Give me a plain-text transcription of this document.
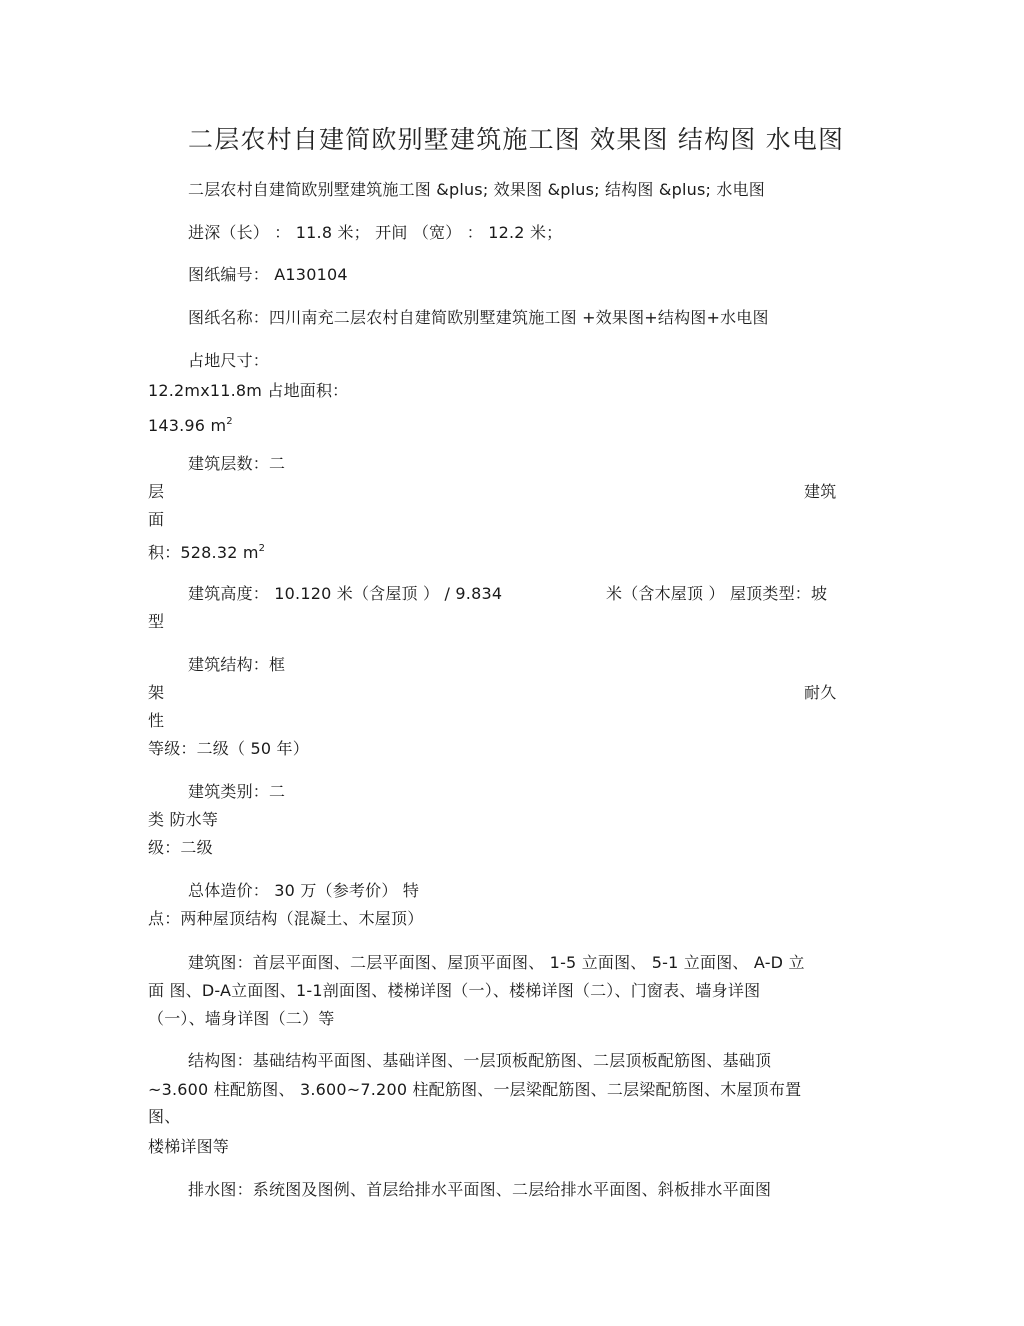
二层农村自建简欧别墅建筑施工图 效果图 结构图 水电图
二层农村自建简欧别墅建筑施工图 &plus; 效果图 &plus; 结构图 &plus; 水电图
进深（长） ： 11.8 米； 开间 （宽） ： 12.2 米；
图纸编号： A130104
图纸名称：四川南充二层农村自建简欧别墅建筑施工图 +效果图+结构图+水电图
占地尺寸：
12.2mx11.8m 占地面积：
143.96 $m^2$
建筑层数：二
层	建筑
面
积：528.32 $m^2$
建筑高度： 10.120 米（含屋顶 ） / 9.834	米（含木屋顶 ） 屋顶类型：坡
型
建筑结构：框
架	耐久
性
等级：二级（ 50 年）
建筑类别：二
类 防水等
级：二级
总体造价： 30 万（参考价） 特
点：两种屋顶结构（混凝土、木屋顶）
建筑图：首层平面图、二层平面图、屋顶平面图、 1-5 立面图、 5-1 立面图、 A-D 立
面 图、D-A立面图、1-1剖面图、楼梯详图（一）、楼梯详图（二）、门窗表、墙身详图
（一）、墙身详图（二）等
结构图：基础结构平面图、基础详图、一层顶板配筋图、二层顶板配筋图、基础顶
~3.600 柱配筋图、 3.600~7.200 柱配筋图、一层梁配筋图、二层梁配筋图、木屋顶布置
图、
楼梯详图等
排水图：系统图及图例、首层给排水平面图、二层给排水平面图、斜板排水平面图
